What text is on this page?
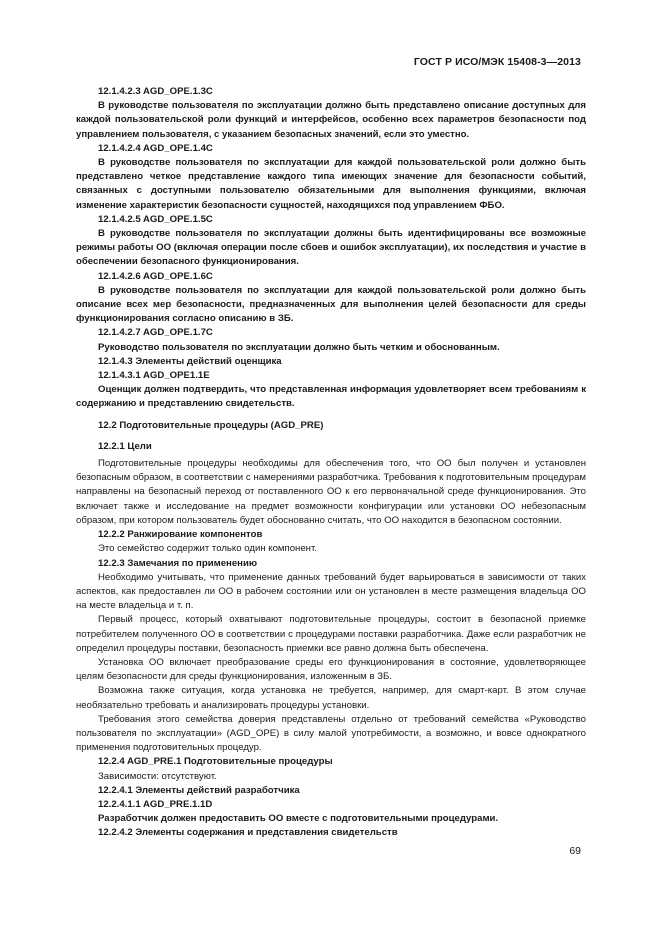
ГОСТ Р ИСО/МЭК 15408-3—2013

12.1.4.2.3 AGD_OPE.1.3C

В руководстве пользователя по эксплуатации должно быть представлено описание доступных для каждой пользовательской роли функций и интерфейсов, особенно всех параметров безопасности под управлением пользователя, с указанием безопасных значений, если это уместно.

12.1.4.2.4 AGD_OPE.1.4C

В руководстве пользователя по эксплуатации для каждой пользовательской роли должно быть представлено четкое представление каждого типа имеющих значение для безопасности событий, связанных с доступными пользователю обязательными для выполнения функциями, включая изменение характеристик безопасности сущностей, находящихся под управлением ФБО.

12.1.4.2.5 AGD_OPE.1.5C

В руководстве пользователя по эксплуатации должны быть идентифицированы все возможные режимы работы ОО (включая операции после сбоев и ошибок эксплуатации), их последствия и участие в обеспечении безопасного функционирования.

12.1.4.2.6 AGD_OPE.1.6C

В руководстве пользователя по эксплуатации для каждой пользовательской роли должно быть описание всех мер безопасности, предназначенных для выполнения целей безопасности для среды функционирования согласно описанию в ЗБ.

12.1.4.2.7 AGD_OPE.1.7C

Руководство пользователя по эксплуатации должно быть четким и обоснованным.

12.1.4.3 Элементы действий оценщика

12.1.4.3.1 AGD_OPE1.1E

Оценщик должен подтвердить, что представленная информация удовлетворяет всем требованиям к содержанию и представлению свидетельств.

12.2 Подготовительные процедуры (AGD_PRE)

12.2.1 Цели

Подготовительные процедуры необходимы для обеспечения того, что ОО был получен и установлен безопасным образом, в соответствии с намерениями разработчика. Требования к подготовительным процедурам направлены на безопасный переход от поставленного ОО к его первоначальной среде функционирования. Это включает также и исследование на предмет возможности конфигурации или установки ОО небезопасным образом, при котором пользователь будет обоснованно считать, что ОО находится в безопасном состоянии.

12.2.2 Ранжирование компонентов

Это семейство содержит только один компонент.

12.2.3 Замечания по применению

Необходимо учитывать, что применение данных требований будет варьироваться в зависимости от таких аспектов, как предоставлен ли ОО в рабочем состоянии или он установлен в месте размещения владельца ОО на месте владельца и т. п.

Первый процесс, который охватывают подготовительные процедуры, состоит в безопасной приемке потребителем полученного ОО в соответствии с процедурами поставки разработчика. Даже если разработчик не определил процедуры поставки, безопасность приемки все равно должна быть обеспечена.

Установка ОО включает преобразование среды его функционирования в состояние, удовлетворяющее целям безопасности для среды функционирования, изложенным в ЗБ.

Возможна также ситуация, когда установка не требуется, например, для смарт-карт. В этом случае необязательно требовать и анализировать процедуры установки.

Требования этого семейства доверия представлены отдельно от требований семейства «Руководство пользователя по эксплуатации» (AGD_OPE) в силу малой употребимости, а возможно, и вовсе однократного применения подготовительных процедур.

12.2.4 AGD_PRE.1 Подготовительные процедуры

Зависимости: отсутствуют.

12.2.4.1 Элементы действий разработчика

12.2.4.1.1 AGD_PRE.1.1D

Разработчик должен предоставить ОО вместе с подготовительными процедурами.

12.2.4.2 Элементы содержания и представления свидетельств

69
